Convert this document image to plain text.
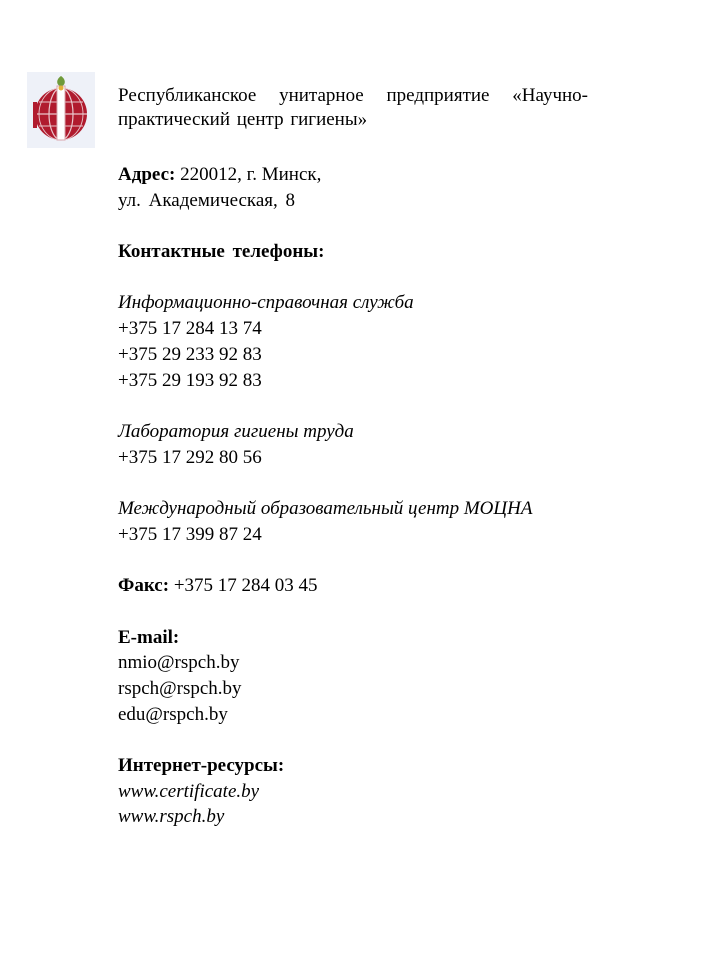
Республиканское унитарное предприятие «Научно-практический центр гигиены»
Адрес: 220012, г. Минск,
ул. Академическая, 8
Контактные телефоны:
Информационно-справочная служба
+375 17 284 13 74
+375 29 233 92 83
+375 29 193 92 83
Лаборатория гигиены труда
+375 17 292 80 56
Международный образовательный центр МОЦНА
+375 17 399 87 24
Факс: +375 17 284 03 45
E-mail:
nmio@rspch.by
rspch@rspch.by
edu@rspch.by
Интернет-ресурсы:
www.certificate.by
www.rspch.by
